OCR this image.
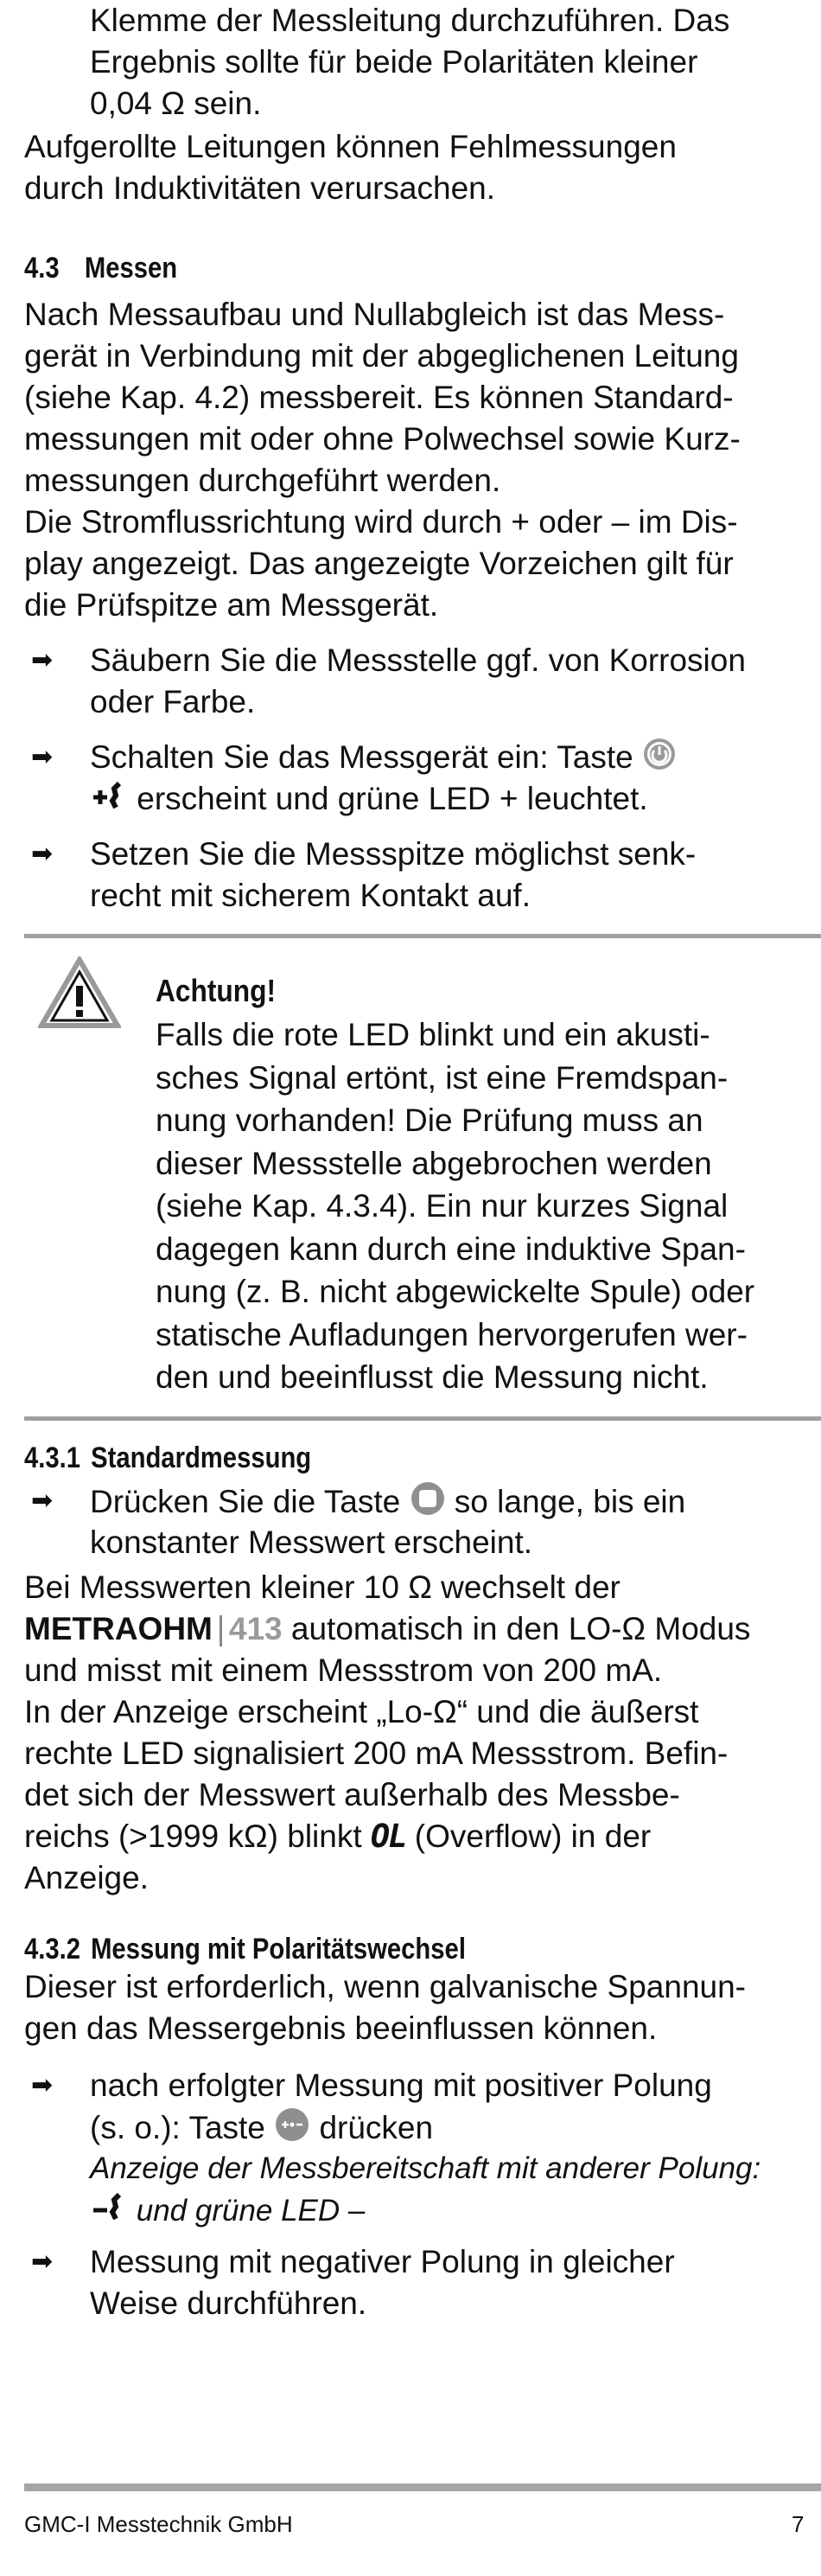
Klemme der Messleitung durchzuführen. Das

Ergebnis sollte für beide Polaritäten kleiner

0,04 Ω sein.

Aufgerollte Leitungen können Fehlmessungen

durch Induktivitäten verursachen.

4.3 Messen

Nach Messaufbau und Nullabgleich ist das Mess-

gerät in Verbindung mit der abgeglichenen Leitung

(siehe Kap. 4.2) messbereit. Es können Standard-

messungen mit oder ohne Polwechsel sowie Kurz-

messungen durchgeführt werden.

Die Stromflussrichtung wird durch + oder – im Dis-

play angezeigt. Das angezeigte Vorzeichen gilt für

die Prüfspitze am Messgerät.

➡ Säubern Sie die Messstelle ggf. von Korrosion

oder Farbe.

➡ Schalten Sie das Messgerät ein: Taste

erscheint und grüne LED + leuchtet.

➡ Setzen Sie die Messspitze möglichst senk-

recht mit sicherem Kontakt auf.

Achtung!

Falls die rote LED blinkt und ein akusti-

sches Signal ertönt, ist eine Fremdspan-

nung vorhanden! Die Prüfung muss an

dieser Messstelle abgebrochen werden

(siehe Kap. 4.3.4). Ein nur kurzes Signal

dagegen kann durch eine induktive Span-

nung (z. B. nicht abgewickelte Spule) oder

statische Aufladungen hervorgerufen wer-

den und beeinflusst die Messung nicht.

4.3.1 Standardmessung
➡ Drücken Sie die Taste so lange, bis ein

konstanter Messwert erscheint.

Bei Messwerten kleiner 10 Ω wechselt der

METRAOHM 413 automatisch in den LO-Ω Modus

und misst mit einem Messstrom von 200 mA.

In der Anzeige erscheint „Lo-Ω“ und die äußerst

rechte LED signalisiert 200 mA Messstrom. Befin-

det sich der Messwert außerhalb des Messbe-

reichs (>1999 kΩ) blinkt OL (Overflow) in der

Anzeige.

4.3.2 Messung mit Polaritätswechsel

Dieser ist erforderlich, wenn galvanische Spannun-

gen das Messergebnis beeinflussen können.

➡ nach erfolgter Messung mit positiver Polung

(s. o.): Taste drücken

Anzeige der Messbereitschaft mit anderer Polung:

und grüne LED –

➡ Messung mit negativer Polung in gleicher

Weise durchführen.

GMC-I Messtechnik GmbH	7
